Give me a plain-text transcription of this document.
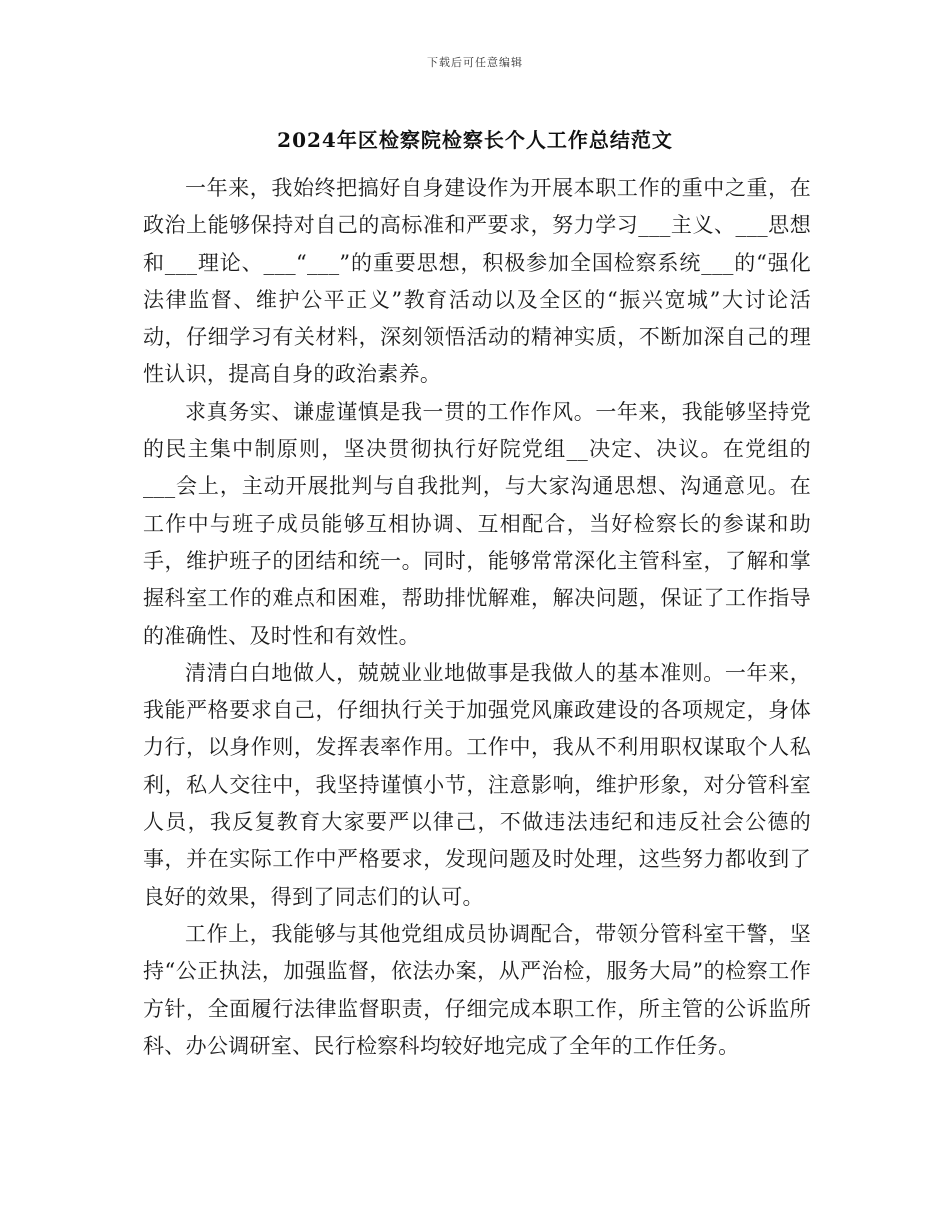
下载后可任意编辑
2024年区检察院检察长个人工作总结范文

一年来，我始终把搞好自身建设作为开展本职工作的重中之重，在政治上能够保持对自己的高标准和严要求，努力学习___主义、___思想和___理论、___“___”的重要思想，积极参加全国检察系统___的“强化法律监督、维护公平正义”教育活动以及全区的“振兴宽城”大讨论活动，仔细学习有关材料，深刻领悟活动的精神实质，不断加深自己的理性认识，提高自身的政治素养。

求真务实、谦虚谨慎是我一贯的工作作风。一年来，我能够坚持党的民主集中制原则，坚决贯彻执行好院党组__决定、决议。在党组的___会上，主动开展批判与自我批判，与大家沟通思想、沟通意见。在工作中与班子成员能够互相协调、互相配合，当好检察长的参谋和助手，维护班子的团结和统一。同时，能够常常深化主管科室，了解和掌握科室工作的难点和困难，帮助排忧解难，解决问题，保证了工作指导的准确性、及时性和有效性。

清清白白地做人，兢兢业业地做事是我做人的基本准则。一年来，我能严格要求自己，仔细执行关于加强党风廉政建设的各项规定，身体力行，以身作则，发挥表率作用。工作中，我从不利用职权谋取个人私利，私人交往中，我坚持谨慎小节，注意影响，维护形象，对分管科室人员，我反复教育大家要严以律己，不做违法违纪和违反社会公德的事，并在实际工作中严格要求，发现问题及时处理，这些努力都收到了良好的效果，得到了同志们的认可。

工作上，我能够与其他党组成员协调配合，带领分管科室干警，坚持“公正执法，加强监督，依法办案，从严治检，服务大局”的检察工作方针，全面履行法律监督职责，仔细完成本职工作，所主管的公诉监所科、办公调研室、民行检察科均较好地完成了全年的工作任务。
